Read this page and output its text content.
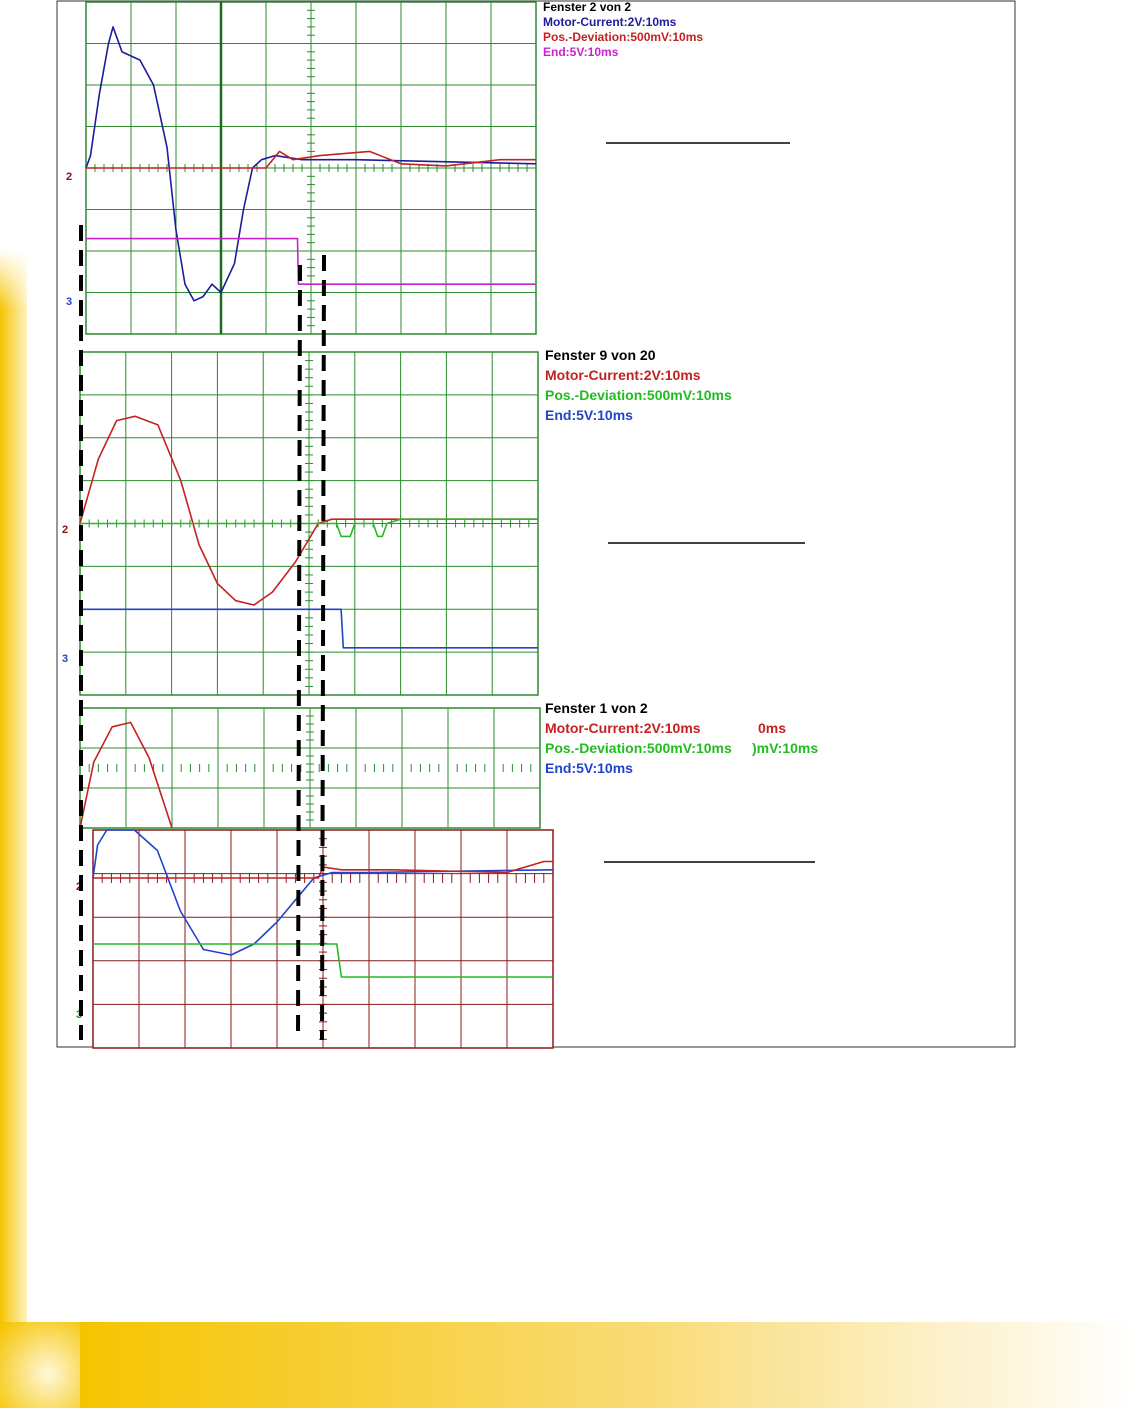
2
3
2
3
2
3
Fenster 2 von 2
Motor-Current:2V:10ms
Pos.-Deviation:500mV:10ms
End:5V:10ms
Fenster 9 von 20
Motor-Current:2V:10ms
Pos.-Deviation:500mV:10ms
End:5V:10ms
Fenster 1 von 2
Motor-Current:2V:10ms	0ms
Pos.-Deviation:500mV:10ms )mV:10ms
End:5V:10ms
